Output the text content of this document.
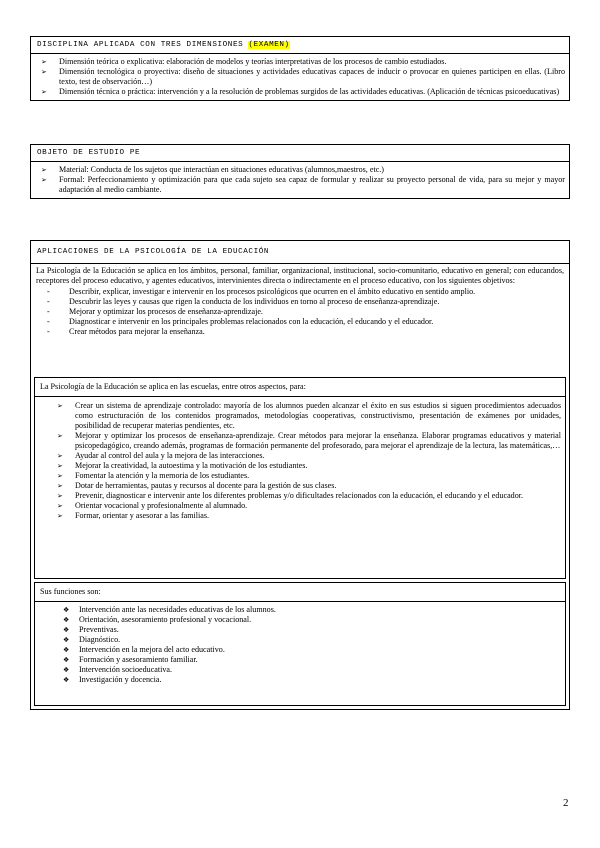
DISCIPLINA APLICADA CON TRES DIMENSIONES (EXAMEN)
➢ Dimensión teórica o explicativa: elaboración de modelos y teorías interpretativas de los procesos de cambio estudiados.
➢ Dimensión tecnológica o proyectiva: diseño de situaciones y actividades educativas capaces de inducir o provocar en quienes participen en ellas. (Libro texto, test de observación…)
➢ Dimensión técnica o práctica: intervención y a la resolución de problemas surgidos de las actividades educativas. (Aplicación de técnicas psicoeducativas)
OBJETO DE ESTUDIO PE
➢ Material: Conducta de los sujetos que interactúan en situaciones educativas (alumnos,maestros, etc.)
➢ Formal: Perfeccionamiento y optimización para que cada sujeto sea capaz de formular y realizar su proyecto personal de vida, para su mejor y mayor adaptación al medio cambiante.
APLICACIONES DE LA PSICOLOGÍA DE LA EDUCACIÓN
La Psicología de la Educación se aplica en los ámbitos, personal, familiar, organizacional, institucional, socio-comunitario, educativo en general; con educandos, receptores del proceso educativo, y agentes educativos, intervinientes directa o indirectamente en el proceso educativo, con los siguientes objetivos:
- Describir, explicar, investigar e intervenir en los procesos psicológicos que ocurren en el ámbito educativo en sentido amplio.
- Descubrir las leyes y causas que rigen la conducta de los individuos en torno al proceso de enseñanza-aprendizaje.
- Mejorar y optimizar los procesos de enseñanza-aprendizaje.
- Diagnosticar e intervenir en los principales problemas relacionados con la educación, el educando y el educador.
- Crear métodos para mejorar la enseñanza.
La Psicología de la Educación se aplica en las escuelas, entre otros aspectos, para:
➢ Crear un sistema de aprendizaje controlado: mayoría de los alumnos pueden alcanzar el éxito en sus estudios si siguen procedimientos adecuados como estructuración de los contenidos programados, metodologías cooperativas, constructivismo, presentación de exámenes por unidades, posibilidad de recuperar materias pendientes, etc.
➢ Mejorar y optimizar los procesos de enseñanza-aprendizaje. Crear métodos para mejorar la enseñanza. Elaborar programas educativos y material psicopedagógico, creando además, programas de formación permanente del profesorado, para mejorar el aprendizaje de la lectura, las matemáticas,…
➢ Ayudar al control del aula y la mejora de las interacciones.
➢ Mejorar la creatividad, la autoestima y la motivación de los estudiantes.
➢ Fomentar la atención y la memoria de los estudiantes.
➢ Dotar de herramientas, pautas y recursos al docente para la gestión de sus clases.
➢ Prevenir, diagnosticar e intervenir ante los diferentes problemas y/o dificultades relacionados con la educación, el educando y el educador.
➢ Orientar vocacional y profesionalmente al alumnado.
➢ Formar, orientar y asesorar a las familias.
Sus funciones son:
❖ Intervención ante las necesidades educativas de los alumnos.
❖ Orientación, asesoramiento profesional y vocacional.
❖ Preventivas.
❖ Diagnóstico.
❖ Intervención en la mejora del acto educativo.
❖ Formación y asesoramiento familiar.
❖ Intervención socioeducativa.
❖ Investigación y docencia.
2
